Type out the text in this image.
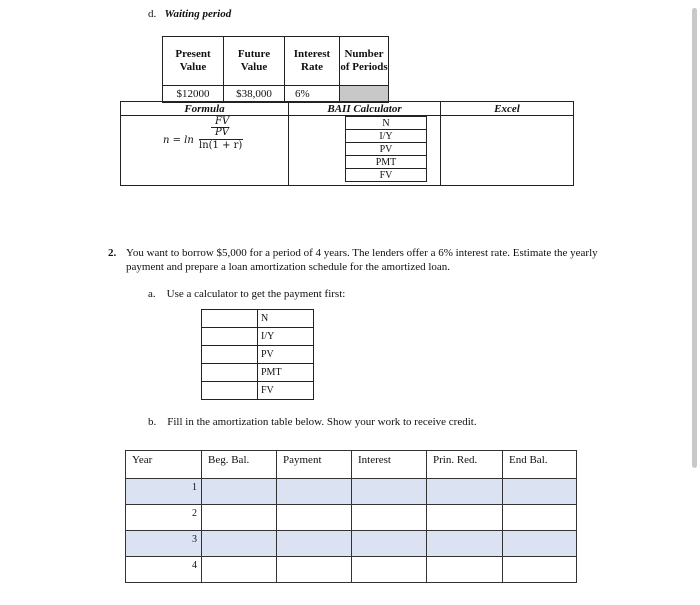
d. Waiting period
Present Value	Future Value	Interest Rate	Number of Periods
$12000	$38,000	6%	
Formula	BAII Calculator	Excel

n = ln
FV
PV
ln(1 + r)

N
I/Y
PV
PMT
FV

2. You want to borrow $5,000 for a period of 4 years. The lenders offer a 6% interest rate. Estimate the yearly payment and prepare a loan amortization schedule for the amortized loan.
a. Use a calculator to get the payment first:
	N
	I/Y
	PV
	PMT
	FV
b. Fill in the amortization table below. Show your work to receive credit.
Year	Beg. Bal.	Payment	Interest	Prin. Red.	End Bal.
1					
2					
3					
4					
